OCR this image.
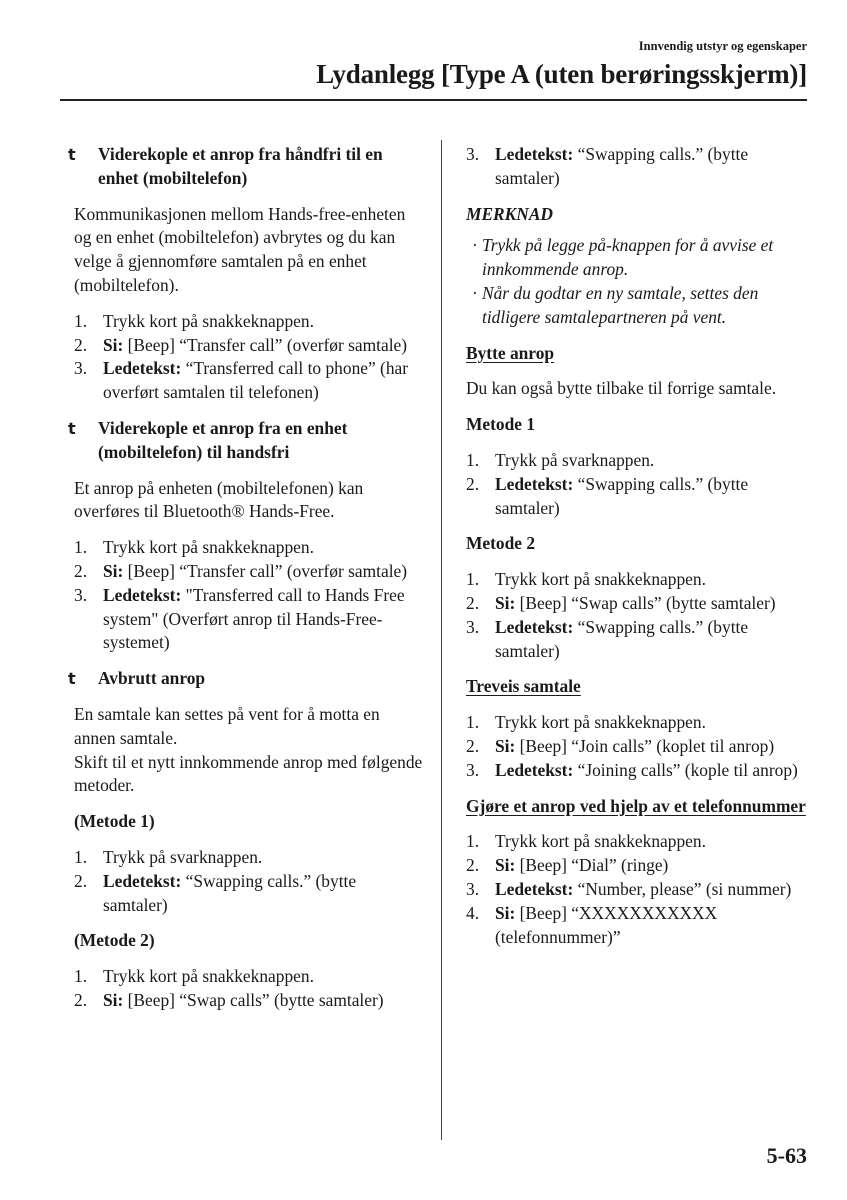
Innvendig utstyr og egenskaper
Lydanlegg [Type A (uten berøringsskjerm)]
t Viderekople et anrop fra håndfri til en enhet (mobiltelefon)

Kommunikasjonen mellom Hands-free-enheten og en enhet (mobiltelefon) avbrytes og du kan velge å gjennomføre samtalen på en enhet (mobiltelefon).

1. Trykk kort på snakkeknappen.
2. Si: [Beep] “Transfer call” (overfør samtale)
3. Ledetekst: “Transferred call to phone” (har overført samtalen til telefonen)
t Viderekople et anrop fra en enhet (mobiltelefon) til handsfri

Et anrop på enheten (mobiltelefonen) kan overføres til Bluetooth® Hands-Free.

1. Trykk kort på snakkeknappen.
2. Si: [Beep] “Transfer call” (overfør samtale)
3. Ledetekst: "Transferred call to Hands Free system" (Overført anrop til Hands-Free-systemet)
t Avbrutt anrop

En samtale kan settes på vent for å motta en annen samtale.

Skift til et nytt innkommende anrop med følgende metoder.

(Metode 1)
1. Trykk på svarknappen.
2. Ledetekst: “Swapping calls.” (bytte samtaler)
(Metode 2)
1. Trykk kort på snakkeknappen.
2. Si: [Beep] “Swap calls” (bytte samtaler)
3. Ledetekst: “Swapping calls.” (bytte samtaler)
MERKNAD
· Trykk på legge på-knappen for å avvise et innkommende anrop.
· Når du godtar en ny samtale, settes den tidligere samtalepartneren på vent.
Bytte anrop

Du kan også bytte tilbake til forrige samtale.

Metode 1
1. Trykk på svarknappen.
2. Ledetekst: “Swapping calls.” (bytte samtaler)
Metode 2
1. Trykk kort på snakkeknappen.
2. Si: [Beep] “Swap calls” (bytte samtaler)
3. Ledetekst: “Swapping calls.” (bytte samtaler)
Treveis samtale
1. Trykk kort på snakkeknappen.
2. Si: [Beep] “Join calls” (koplet til anrop)
3. Ledetekst: “Joining calls” (kople til anrop)
Gjøre et anrop ved hjelp av et telefonnummer
1. Trykk kort på snakkeknappen.
2. Si: [Beep] “Dial” (ringe)
3. Ledetekst: “Number, please” (si nummer)
4. Si: [Beep] “XXXXXXXXXXX (telefonnummer)”
5-63
